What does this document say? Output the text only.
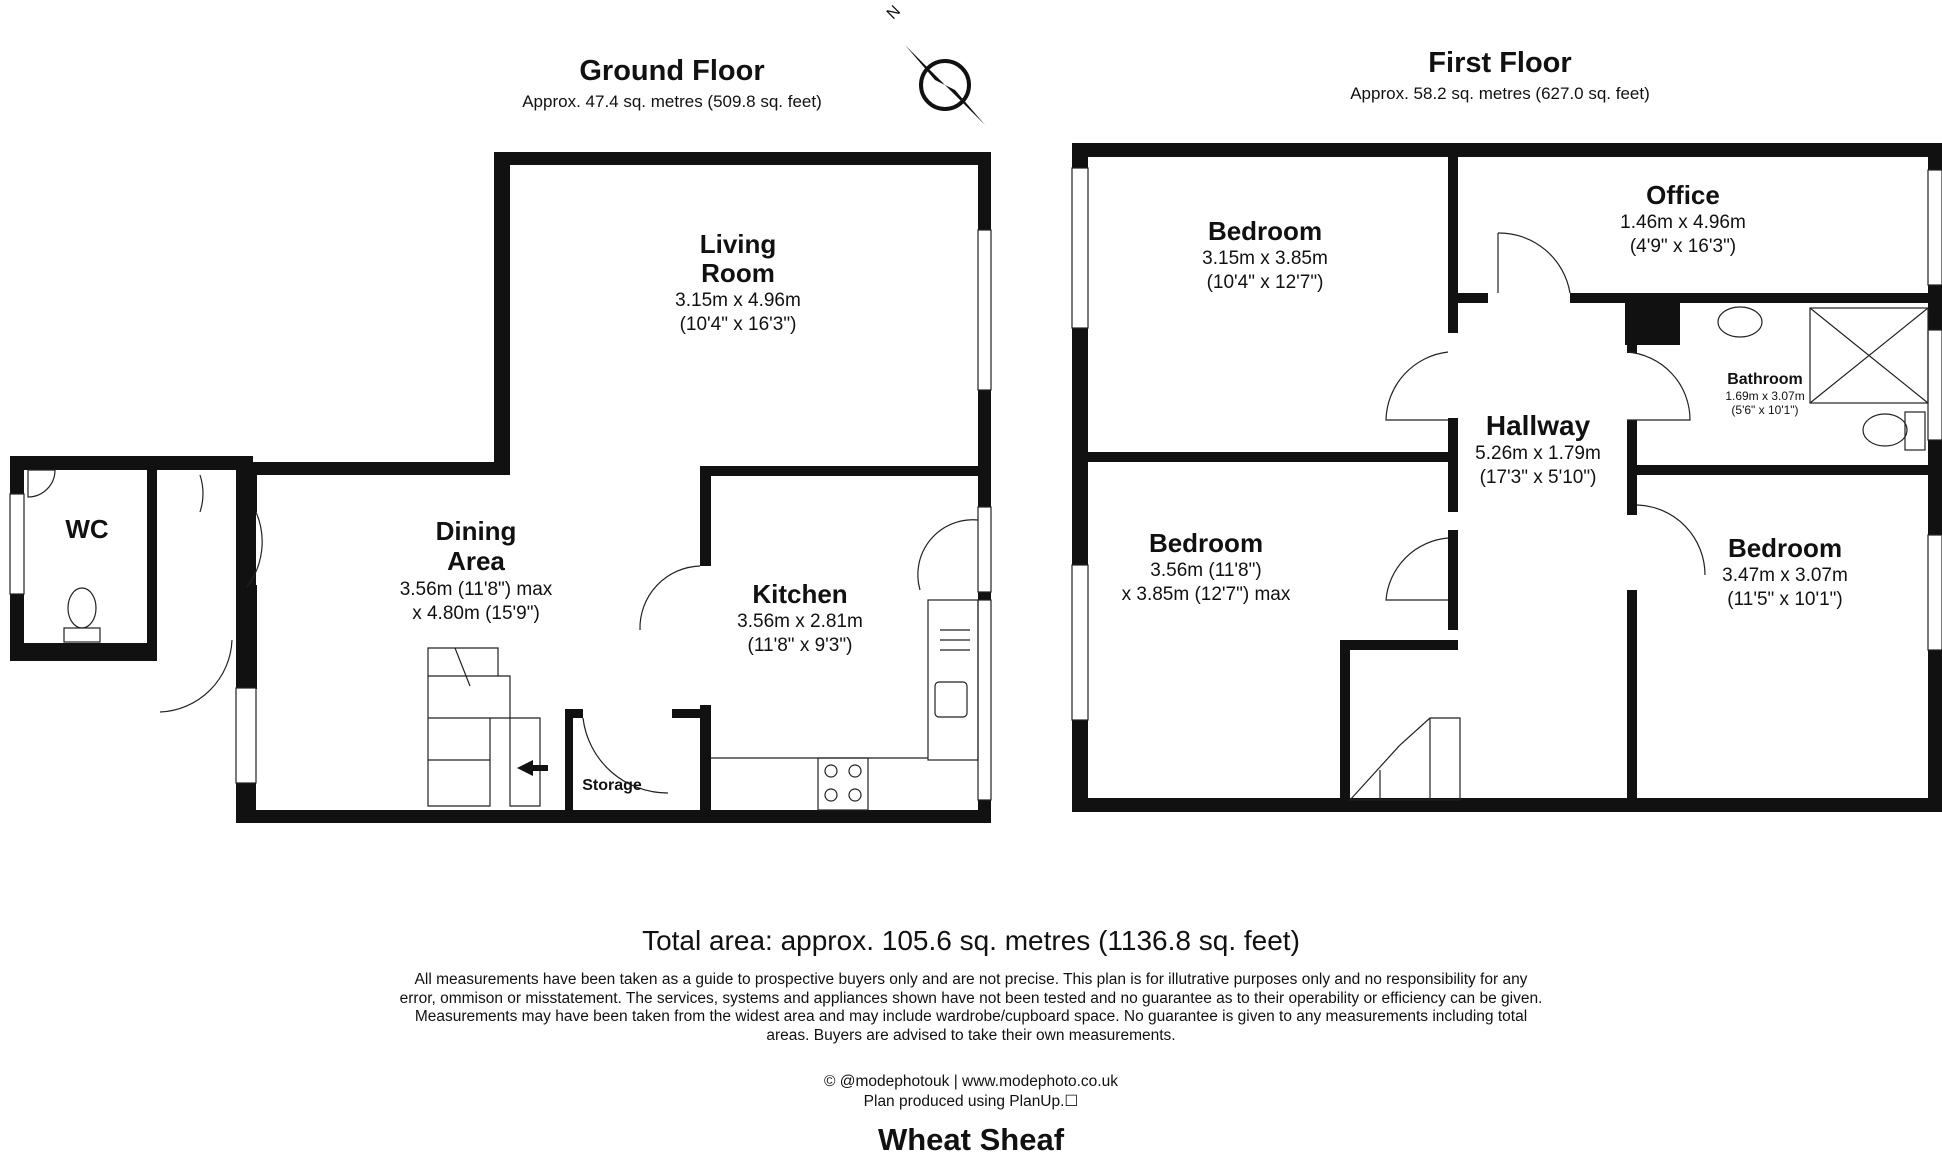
N
Ground Floor
Approx. 47.4 sq. metres (509.8 sq. feet)
First Floor
Approx. 58.2 sq. metres (627.0 sq. feet)
Living
Room
3.15m x 4.96m
(10'4" x 16'3")
Dining
Area
3.56m (11'8") max
x 4.80m (15'9")
Kitchen
3.56m x 2.81m
(11'8" x 9'3")
WC
Storage
Bedroom
3.15m x 3.85m
(10'4" x 12'7")
Office
1.46m x 4.96m
(4'9" x 16'3")
Bathroom
1.69m x 3.07m
(5'6" x 10'1")
Hallway
5.26m x 1.79m
(17'3" x 5'10")
Bedroom
3.56m (11'8")
x 3.85m (12'7") max
Bedroom
3.47m x 3.07m
(11'5" x 10'1")
Total area: approx. 105.6 sq. metres (1136.8 sq. feet)
All measurements have been taken as a guide to prospective buyers only and are not precise. This plan is for illutrative purposes only and no responsibility for any
error, ommison or misstatement. The services, systems and appliances shown have not been tested and no guarantee as to their operability or efficiency can be given.
Measurements may have been taken from the widest area and may include wardrobe/cupboard space. No guarantee is given to any measurements including total
areas. Buyers are advised to take their own measurements.
© @modephotouk | www.modephoto.co.uk
Plan produced using PlanUp.☐
Wheat Sheaf
